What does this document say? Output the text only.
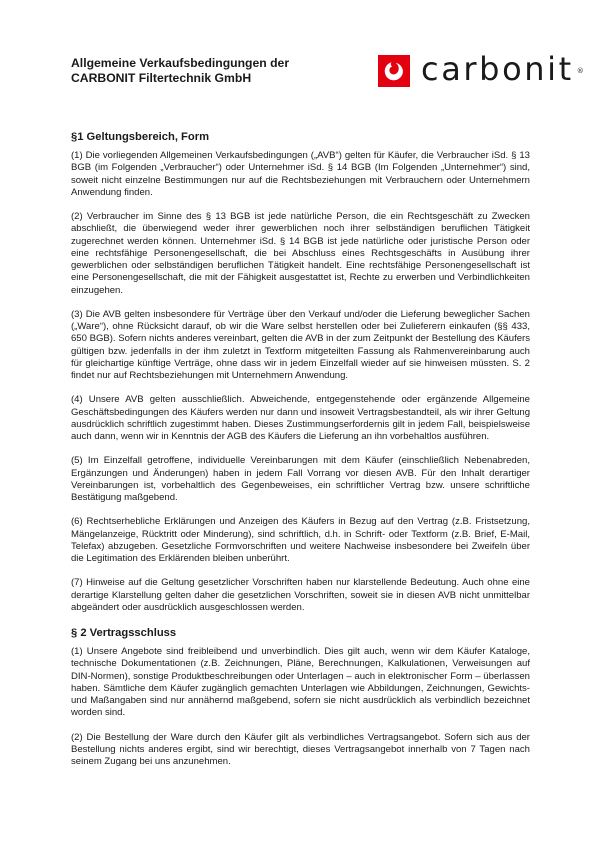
Allgemeine Verkaufsbedingungen der
CARBONIT Filtertechnik GmbH	carbonit ®
§1 Geltungsbereich, Form

(1) Die vorliegenden Allgemeinen Verkaufsbedingungen („AVB“) gelten für Käufer, die Verbraucher iSd. § 13 BGB (im Folgenden „Verbraucher“) oder Unternehmer iSd. § 14 BGB (Im Folgenden „Unternehmer“) sind, soweit nicht einzelne Bestimmungen nur auf die Rechtsbeziehungen mit Verbrauchern oder Unternehmern Anwendung finden.

(2) Verbraucher im Sinne des § 13 BGB ist jede natürliche Person, die ein Rechtsgeschäft zu Zwecken abschließt, die überwiegend weder ihrer gewerblichen noch ihrer selbständigen beruflichen Tätigkeit zugerechnet werden können. Unternehmer iSd. § 14 BGB ist jede natürliche oder juristische Person oder eine rechtsfähige Personengesellschaft, die bei Abschluss eines Rechtsgeschäfts in Ausübung ihrer gewerblichen oder selbständigen beruflichen Tätigkeit handelt. Eine rechtsfähige Personengesellschaft ist eine Personengesellschaft, die mit der Fähigkeit ausgestattet ist, Rechte zu erwerben und Verbindlichkeiten einzugehen.

(3) Die AVB gelten insbesondere für Verträge über den Verkauf und/oder die Lieferung beweglicher Sachen („Ware“), ohne Rücksicht darauf, ob wir die Ware selbst herstellen oder bei Zulieferern einkaufen (§§ 433, 650 BGB). Sofern nichts anderes vereinbart, gelten die AVB in der zum Zeitpunkt der Bestellung des Käufers gültigen bzw. jedenfalls in der ihm zuletzt in Textform mitgeteilten Fassung als Rahmenvereinbarung auch für gleichartige künftige Verträge, ohne dass wir in jedem Einzelfall wieder auf sie hinweisen müssten. S. 2 findet nur auf Rechtsbeziehungen mit Unternehmern Anwendung.

(4) Unsere AVB gelten ausschließlich. Abweichende, entgegenstehende oder ergänzende Allgemeine Geschäftsbedingungen des Käufers werden nur dann und insoweit Vertragsbestandteil, als wir ihrer Geltung ausdrücklich schriftlich zugestimmt haben. Dieses Zustimmungserfordernis gilt in jedem Fall, beispielsweise auch dann, wenn wir in Kenntnis der AGB des Käufers die Lieferung an ihn vorbehaltlos ausführen.

(5) Im Einzelfall getroffene, individuelle Vereinbarungen mit dem Käufer (einschließlich Nebenabreden, Ergänzungen und Änderungen) haben in jedem Fall Vorrang vor diesen AVB. Für den Inhalt derartiger Vereinbarungen ist, vorbehaltlich des Gegenbeweises, ein schriftlicher Vertrag bzw. unsere schriftliche Bestätigung maßgebend.

(6) Rechtserhebliche Erklärungen und Anzeigen des Käufers in Bezug auf den Vertrag (z.B. Fristsetzung, Mängelanzeige, Rücktritt oder Minderung), sind schriftlich, d.h. in Schrift- oder Textform (z.B. Brief, E-Mail, Telefax) abzugeben. Gesetzliche Formvorschriften und weitere Nachweise insbesondere bei Zweifeln über die Legitimation des Erklärenden bleiben unberührt.

(7) Hinweise auf die Geltung gesetzlicher Vorschriften haben nur klarstellende Bedeutung. Auch ohne eine derartige Klarstellung gelten daher die gesetzlichen Vorschriften, soweit sie in diesen AVB nicht unmittelbar abgeändert oder ausdrücklich ausgeschlossen werden.

§ 2 Vertragsschluss

(1) Unsere Angebote sind freibleibend und unverbindlich. Dies gilt auch, wenn wir dem Käufer Kataloge, technische Dokumentationen (z.B. Zeichnungen, Pläne, Berechnungen, Kalkulationen, Verweisungen auf DIN-Normen), sonstige Produktbeschreibungen oder Unterlagen – auch in elektronischer Form – überlassen haben. Sämtliche dem Käufer zugänglich gemachten Unterlagen wie Abbildungen, Zeichnungen, Gewichts- und Maßangaben sind nur annähernd maßgebend, sofern sie nicht ausdrücklich als verbindlich bezeichnet worden sind.

(2) Die Bestellung der Ware durch den Käufer gilt als verbindliches Vertragsangebot. Sofern sich aus der Bestellung nichts anderes ergibt, sind wir berechtigt, dieses Vertragsangebot innerhalb von 7 Tagen nach seinem Zugang bei uns anzunehmen.
